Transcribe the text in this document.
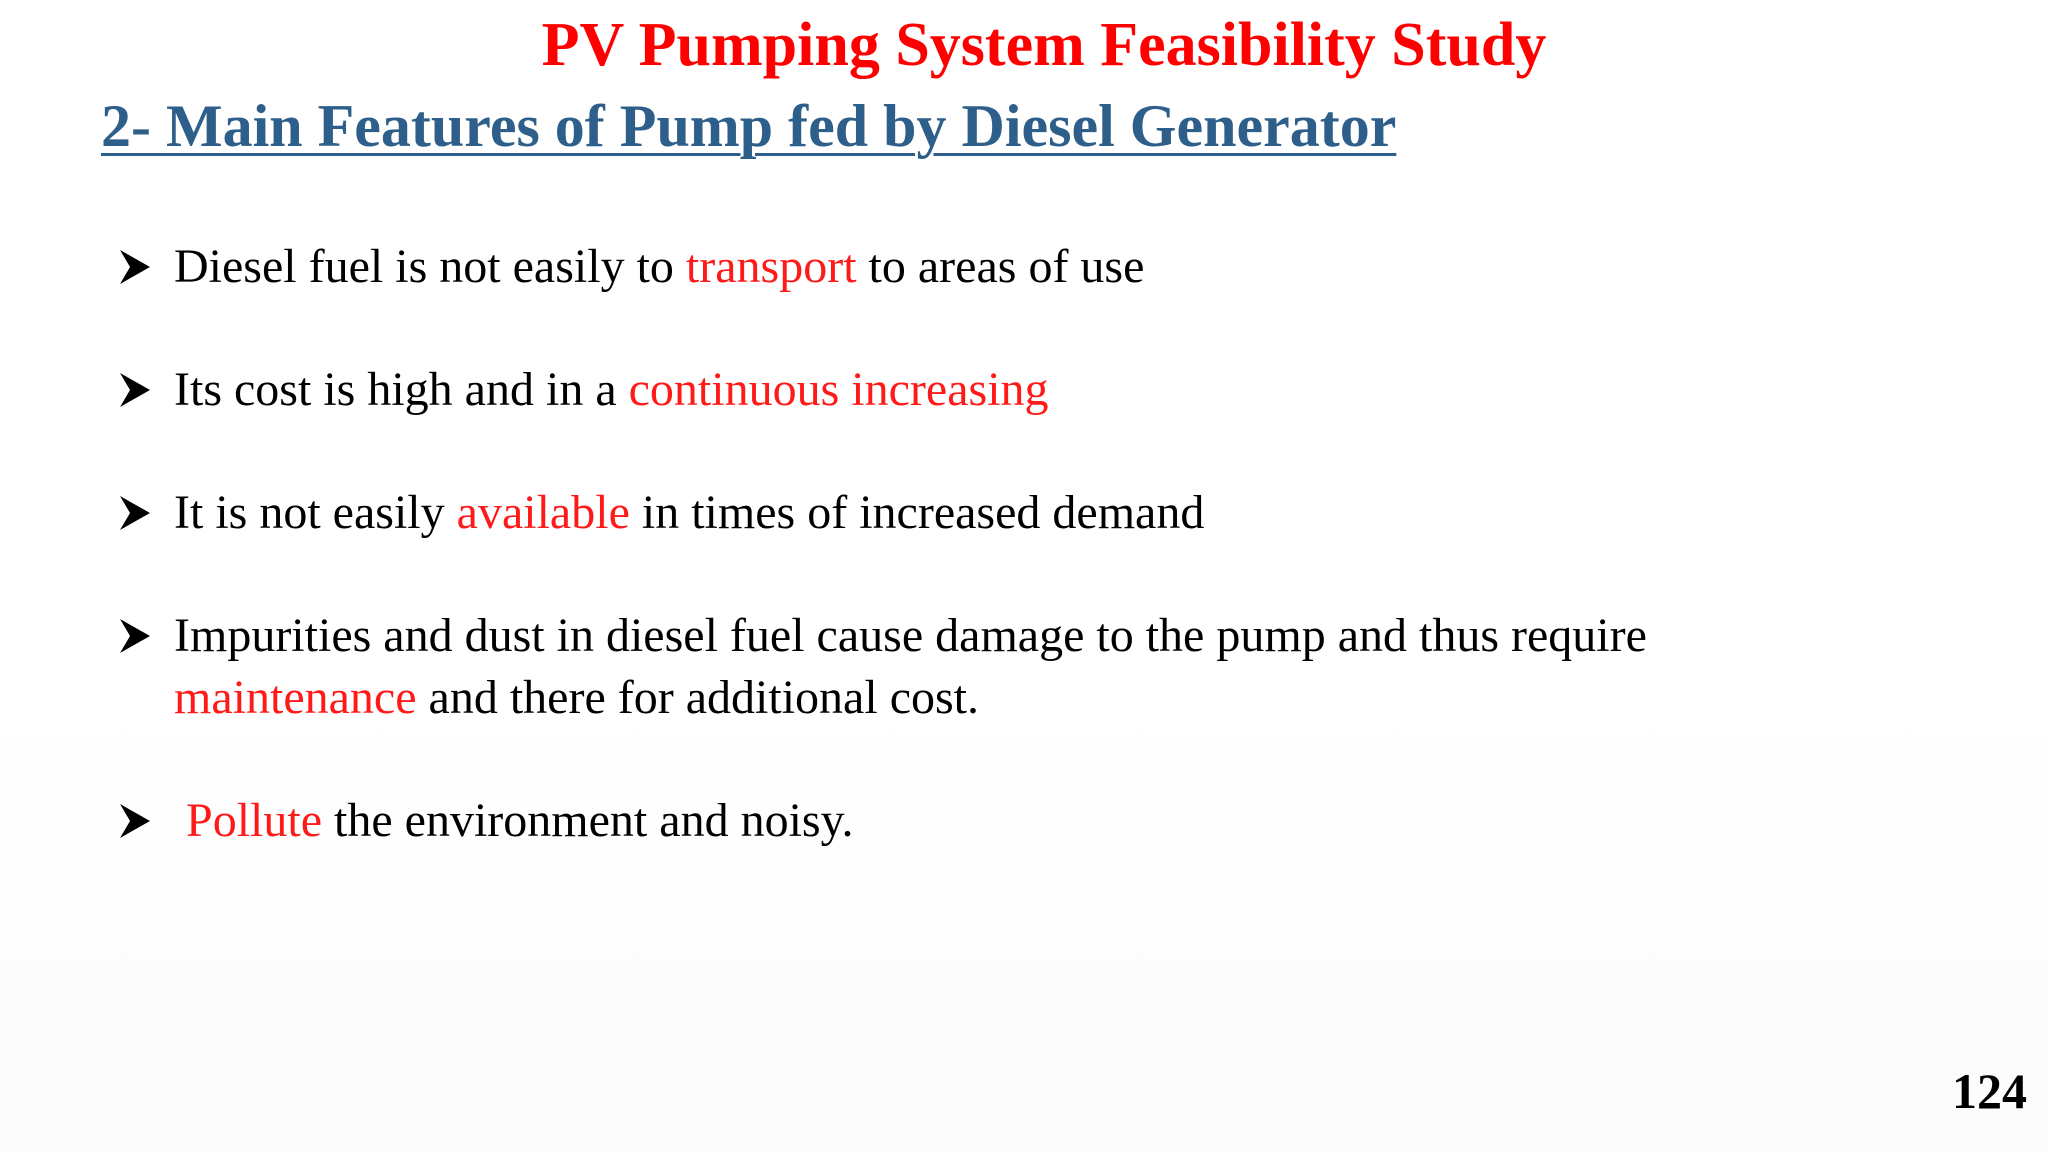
PV Pumping System Feasibility Study
2- Main Features of Pump fed by Diesel Generator
Diesel fuel is not easily to transport to areas of use
Its cost is high and in a continuous increasing
It is not easily available in times of increased demand
Impurities and dust in diesel fuel cause damage to the pump and thus require maintenance and there for additional cost.
Pollute the environment and noisy.
124
